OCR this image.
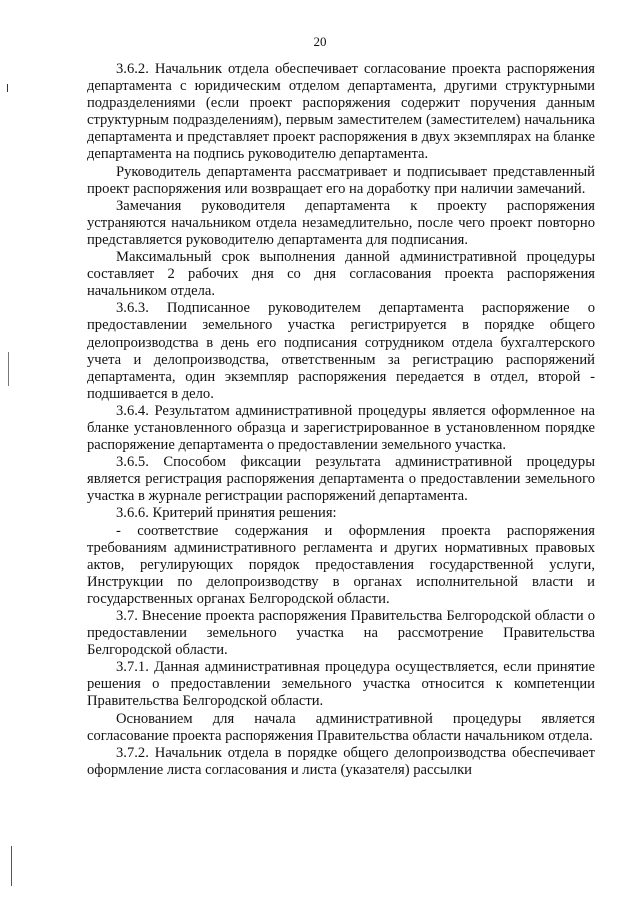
20

3.6.2. Начальник отдела обеспечивает согласование проекта распоряжения департамента с юридическим отделом департамента, другими структурными подразделениями (если проект распоряжения содержит поручения данным структурным подразделениям), первым заместителем (заместителем) начальника департамента и представляет проект распоряжения в двух экземплярах на бланке департамента на подпись руководителю департамента.

Руководитель департамента рассматривает и подписывает представленный проект распоряжения или возвращает его на доработку при наличии замечаний.

Замечания руководителя департамента к проекту распоряжения устраняются начальником отдела незамедлительно, после чего проект повторно представляется руководителю департамента для подписания.

Максимальный срок выполнения данной административной процедуры составляет 2 рабочих дня со дня согласования проекта распоряжения начальником отдела.

3.6.3. Подписанное руководителем департамента распоряжение о предоставлении земельного участка регистрируется в порядке общего делопроизводства в день его подписания сотрудником отдела бухгалтерского учета и делопроизводства, ответственным за регистрацию распоряжений департамента, один экземпляр распоряжения передается в отдел, второй - подшивается в дело.

3.6.4. Результатом административной процедуры является оформленное на бланке установленного образца и зарегистрированное в установленном порядке распоряжение департамента о предоставлении земельного участка.

3.6.5. Способом фиксации результата административной процедуры является регистрация распоряжения департамента о предоставлении земельного участка в журнале регистрации распоряжений департамента.

3.6.6. Критерий принятия решения:

- соответствие содержания и оформления проекта распоряжения требованиям административного регламента и других нормативных правовых актов, регулирующих порядок предоставления государственной услуги, Инструкции по делопроизводству в органах исполнительной власти и государственных органах Белгородской области.

3.7. Внесение проекта распоряжения Правительства Белгородской области о предоставлении земельного участка на рассмотрение Правительства Белгородской области.

3.7.1. Данная административная процедура осуществляется, если принятие решения о предоставлении земельного участка относится к компетенции Правительства Белгородской области.

Основанием для начала административной процедуры является согласование проекта распоряжения Правительства области начальником отдела.

3.7.2. Начальник отдела в порядке общего делопроизводства обеспечивает оформление листа согласования и листа (указателя) рассылки
